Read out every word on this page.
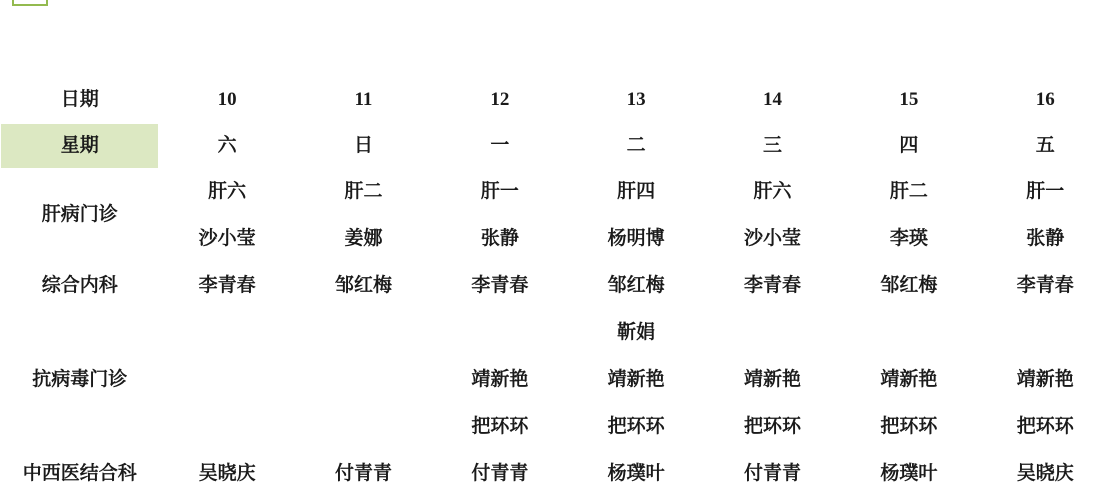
西安市第八医院
2022 年 12 月 10 日—12 月 16 日门诊科室出诊安排							

日期	10	11	12	13	14	15	16
星期	六	日	一	二	三	四	五
肝病门诊	肝六	肝二	肝一	肝四	肝六	肝二	肝一
	沙小莹	姜娜	张静	杨明博	沙小莹	李瑛	张静
综合内科	李青春	邹红梅	李青春	邹红梅	李青春	邹红梅	李青春
抗病毒门诊				靳娟			
			靖新艳	靖新艳	靖新艳	靖新艳	靖新艳
			把环环	把环环	把环环	把环环	把环环
中西医结合科	吴晓庆	付青青	付青青	杨璞叶	付青青	杨璞叶	吴晓庆
